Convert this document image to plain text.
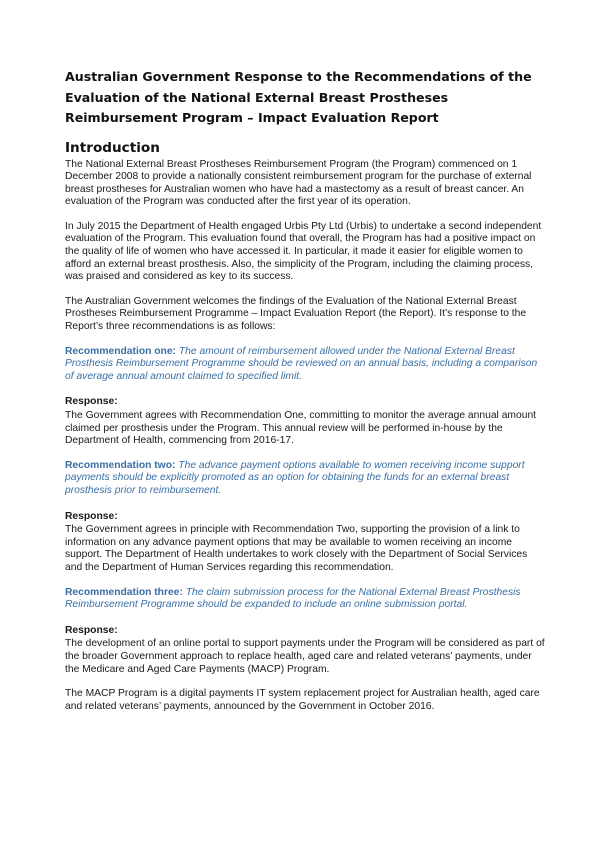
Australian Government Response to the Recommendations of the Evaluation of the National External Breast Prostheses Reimbursement Program – Impact Evaluation Report
Introduction

The National External Breast Prostheses Reimbursement Program (the Program) commenced on 1 December 2008 to provide a nationally consistent reimbursement program for the purchase of external breast prostheses for Australian women who have had a mastectomy as a result of breast cancer. An evaluation of the Program was conducted after the first year of its operation.

In July 2015 the Department of Health engaged Urbis Pty Ltd (Urbis) to undertake a second independent evaluation of the Program. This evaluation found that overall, the Program has had a positive impact on the quality of life of women who have accessed it. In particular, it made it easier for eligible women to afford an external breast prosthesis. Also, the simplicity of the Program, including the claiming process, was praised and considered as key to its success.

The Australian Government welcomes the findings of the Evaluation of the National External Breast Prostheses Reimbursement Programme – Impact Evaluation Report (the Report). It’s response to the Report’s three recommendations is as follows:

Recommendation one: The amount of reimbursement allowed under the National External Breast Prosthesis Reimbursement Programme should be reviewed on an annual basis, including a comparison of average annual amount claimed to specified limit.

Response:

The Government agrees with Recommendation One, committing to monitor the average annual amount claimed per prosthesis under the Program. This annual review will be performed in-house by the Department of Health, commencing from 2016-17.

Recommendation two: The advance payment options available to women receiving income support payments should be explicitly promoted as an option for obtaining the funds for an external breast prosthesis prior to reimbursement.

Response:

The Government agrees in principle with Recommendation Two, supporting the provision of a link to information on any advance payment options that may be available to women receiving an income support. The Department of Health undertakes to work closely with the Department of Social Services and the Department of Human Services regarding this recommendation.

Recommendation three: The claim submission process for the National External Breast Prosthesis Reimbursement Programme should be expanded to include an online submission portal.

Response:

The development of an online portal to support payments under the Program will be considered as part of the broader Government approach to replace health, aged care and related veterans’ payments, under the Medicare and Aged Care Payments (MACP) Program.

The MACP Program is a digital payments IT system replacement project for Australian health, aged care and related veterans’ payments, announced by the Government in October 2016.
